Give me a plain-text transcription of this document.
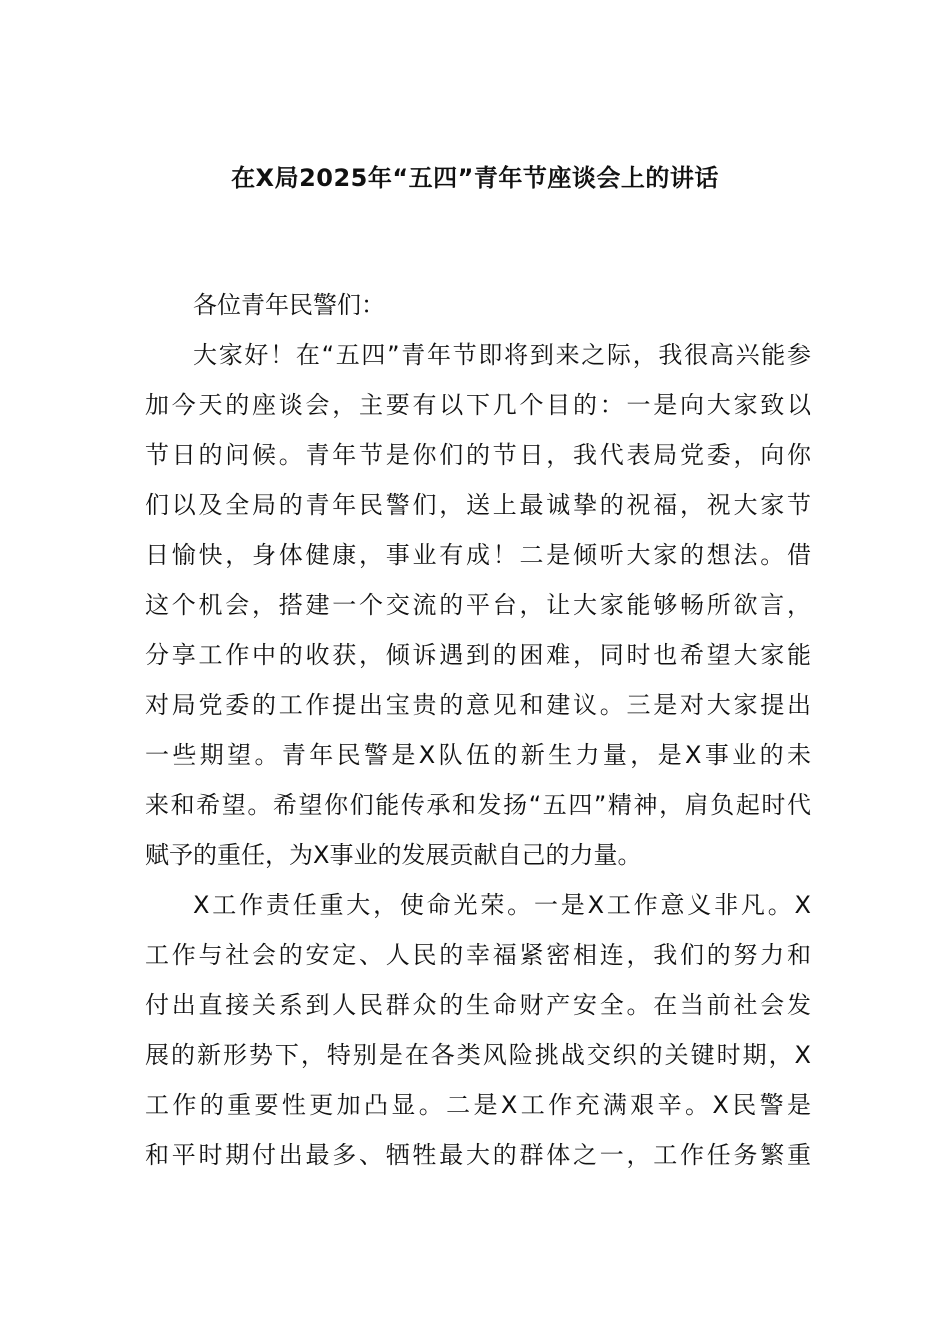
在X局2025年“五四”青年节座谈会上的讲话
各位青年民警们：
大家好！在“五四”青年节即将到来之际，我很高兴能参
加今天的座谈会，主要有以下几个目的：一是向大家致以
节日的问候。青年节是你们的节日，我代表局党委，向你
们以及全局的青年民警们，送上最诚挚的祝福，祝大家节
日愉快，身体健康，事业有成！二是倾听大家的想法。借
这个机会，搭建一个交流的平台，让大家能够畅所欲言，
分享工作中的收获，倾诉遇到的困难，同时也希望大家能
对局党委的工作提出宝贵的意见和建议。三是对大家提出
一些期望。青年民警是X队伍的新生力量，是X事业的未
来和希望。希望你们能传承和发扬“五四”精神，肩负起时代
赋予的重任，为X事业的发展贡献自己的力量。
X工作责任重大，使命光荣。一是X工作意义非凡。X
工作与社会的安定、人民的幸福紧密相连，我们的努力和
付出直接关系到人民群众的生命财产安全。在当前社会发
展的新形势下，特别是在各类风险挑战交织的关键时期，X
工作的重要性更加凸显。二是X工作充满艰辛。X民警是
和平时期付出最多、牺牲最大的群体之一，工作任务繁重
